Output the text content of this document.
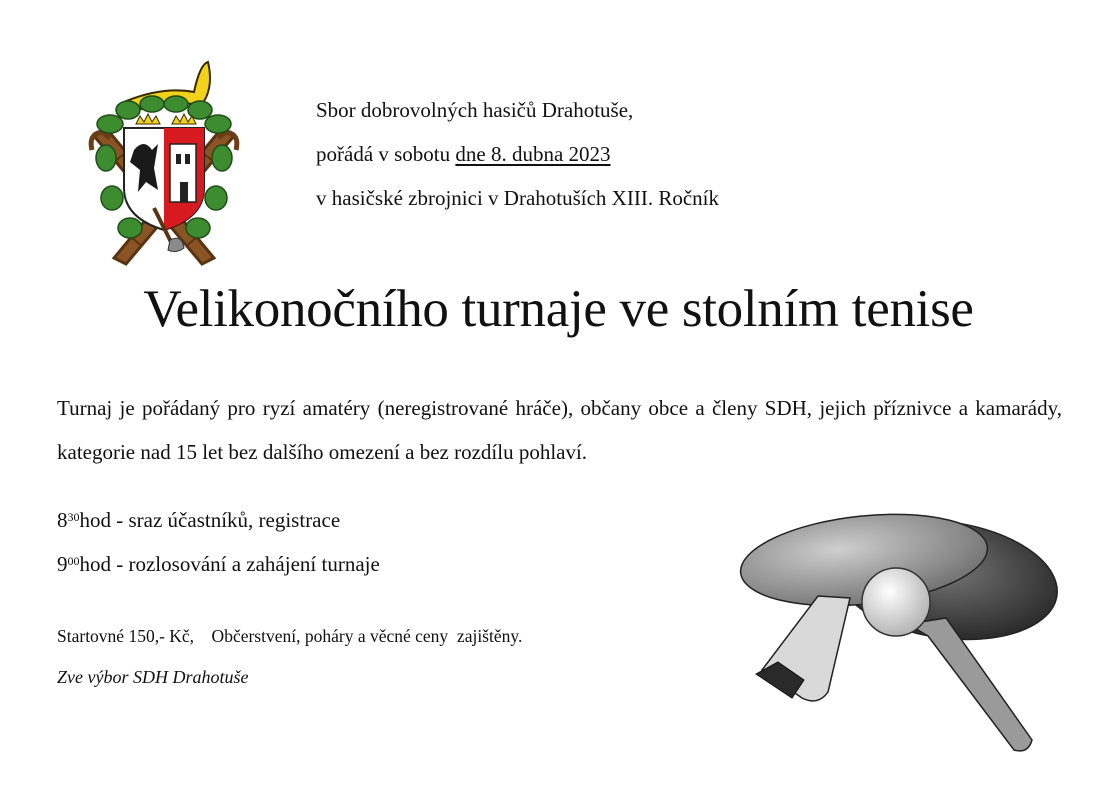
Sbor dobrovolných hasičů Drahotuše,
pořádá v sobotu dne 8. dubna 2023
v hasičské zbrojnici v Drahotuších XIII. Ročník
Velikonočního turnaje ve stolním tenise
Turnaj je pořádaný pro ryzí amatéry (neregistrované hráče), občany obce a členy SDH, jejich příznivce a kamarády, kategorie nad 15 let bez dalšího omezení a bez rozdílu pohlaví.
$8^{30}hod$ - sraz účastníků, registrace
$9^{00}hod$ - rozlosování a zahájení turnaje
Startovné 150,- Kč,    Občerstvení, poháry a věcné ceny  zajištěny.
Zve výbor SDH Drahotuše
